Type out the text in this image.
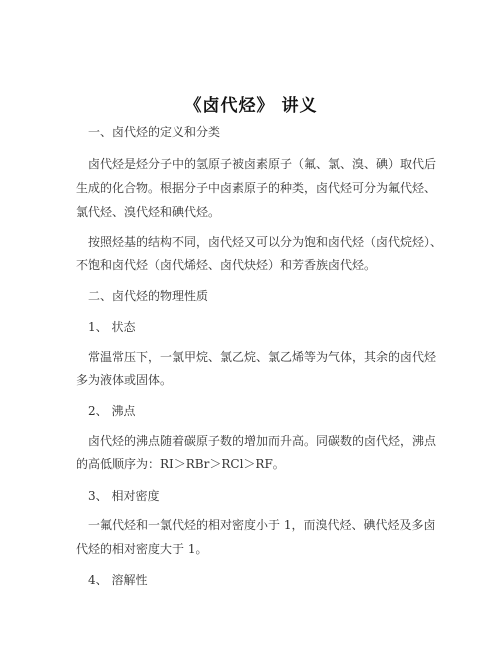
《卤代烃》 讲义
一、卤代烃的定义和分类
卤代烃是烃分子中的氢原子被卤素原子（氟、氯、溴、碘）取代后
生成的化合物。根据分子中卤素原子的种类，卤代烃可分为氟代烃、
氯代烃、溴代烃和碘代烃。
按照烃基的结构不同，卤代烃又可以分为饱和卤代烃（卤代烷烃）、
不饱和卤代烃（卤代烯烃、卤代炔烃）和芳香族卤代烃。
二、卤代烃的物理性质
1、 状态
常温常压下，一氯甲烷、氯乙烷、氯乙烯等为气体，其余的卤代烃
多为液体或固体。
2、 沸点
卤代烃的沸点随着碳原子数的增加而升高。同碳数的卤代烃，沸点
的高低顺序为：RI＞RBr＞RCl＞RF。
3、 相对密度
一氟代烃和一氯代烃的相对密度小于 1，而溴代烃、碘代烃及多卤
代烃的相对密度大于 1。
4、 溶解性
